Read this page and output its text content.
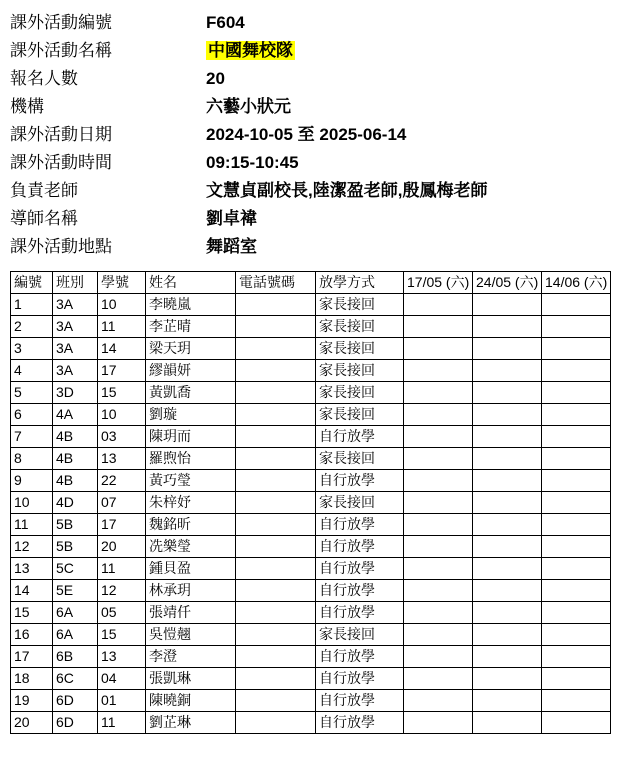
課外活動編號	F604
課外活動名稱	中國舞校隊
報名人數	20
機構	六藝小狀元
課外活動日期	2024-10-05 至 2025-06-14
課外活動時間	09:15-10:45
負責老師	文慧貞副校長,陸潔盈老師,殷鳳梅老師
導師名稱	劉卓褘
課外活動地點	舞蹈室
編號	班別	學號	姓名	電話號碼	放學方式	17/05 (六)	24/05 (六)	14/06 (六)
1	3A	10	李曉嵐		家長接回			
2	3A	11	李芷晴		家長接回			
3	3A	14	梁天玥		家長接回			
4	3A	17	繆韻妍		家長接回			
5	3D	15	黃凱喬		家長接回			
6	4A	10	劉璇		家長接回			
7	4B	03	陳玥而		自行放學			
8	4B	13	羅煦怡		家長接回			
9	4B	22	黃巧瑩		自行放學			
10	4D	07	朱梓妤		家長接回			
11	5B	17	魏銘昕		自行放學			
12	5B	20	冼樂瑩		自行放學			
13	5C	11	鍾貝盈		自行放學			
14	5E	12	林承玥		自行放學			
15	6A	05	張靖仟		自行放學			
16	6A	15	吳愷翹		家長接回			
17	6B	13	李澄		自行放學			
18	6C	04	張凱琳		自行放學			
19	6D	01	陳曉銅		自行放學			
20	6D	11	劉芷琳		自行放學			
